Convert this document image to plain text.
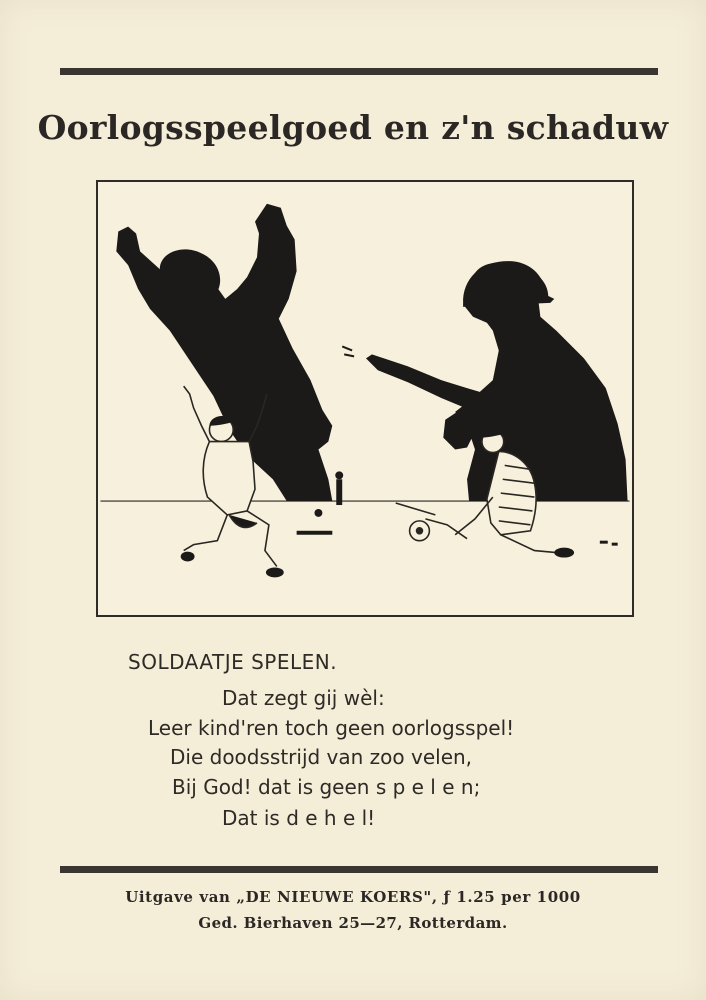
Oorlogsspeelgoed en z'n schaduw
SOLDAATJE SPELEN.
Dat zegt gij wèl:
Leer kind'ren toch geen oorlogsspel!
Die doodsstrijd van zoo velen,
Bij God! dat is geen s p e l e n;
Dat is d e h e l!
Uitgave van „DE NIEUWE KOERS", ƒ 1.25 per 1000
Ged. Bierhaven 25—27, Rotterdam.
